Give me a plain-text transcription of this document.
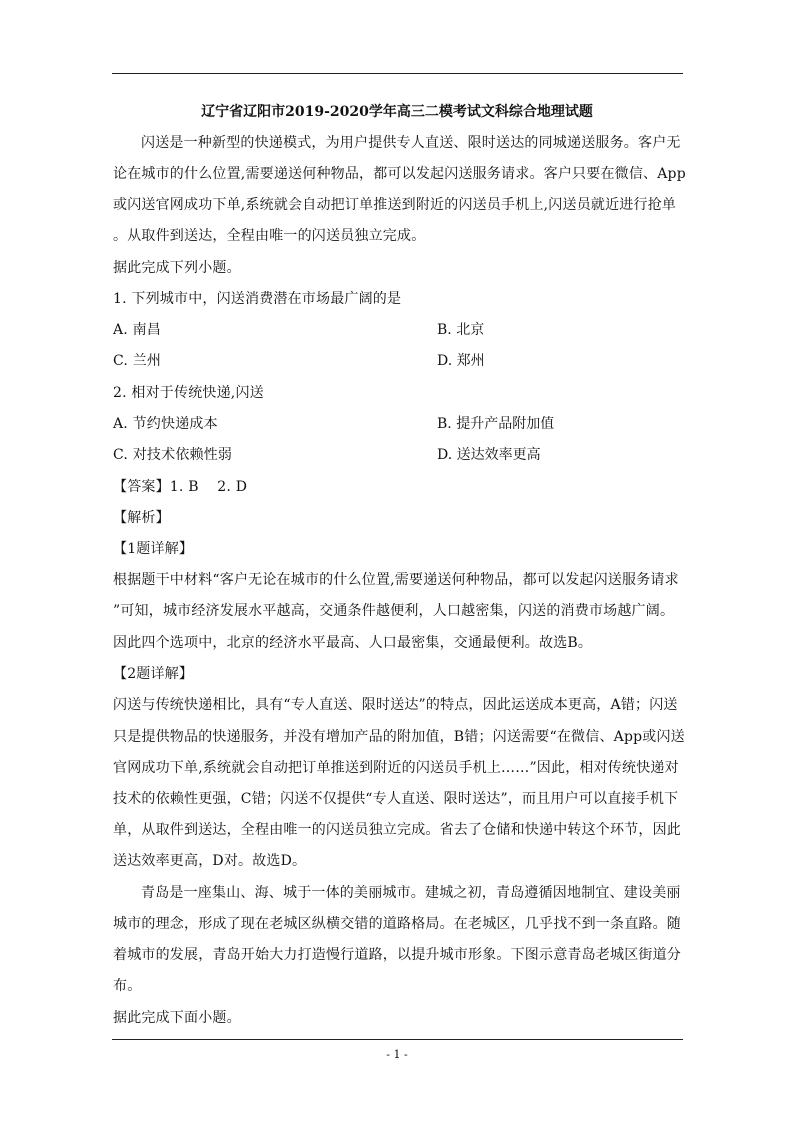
辽宁省辽阳市2019-2020学年高三二模考试文科综合地理试题
闪送是一种新型的快递模式，为用户提供专人直送、限时送达的同城递送服务。客户无
论在城市的什么位置,需要递送何种物品，都可以发起闪送服务请求。客户只要在微信、App
或闪送官网成功下单,系统就会自动把订单推送到附近的闪送员手机上,闪送员就近进行抢单
。从取件到送达，全程由唯一的闪送员独立完成。
据此完成下列小题。
1. 下列城市中，闪送消费潜在市场最广阔的是
A. 南昌	B. 北京
C. 兰州	D. 郑州
2. 相对于传统快递,闪送
A. 节约快递成本	B. 提升产品附加值
C. 对技术依赖性弱	D. 送达效率更高
【答案】1. B    2. D
【解析】
【1题详解】
根据题干中材料“客户无论在城市的什么位置,需要递送何种物品，都可以发起闪送服务请求
”可知，城市经济发展水平越高，交通条件越便利，人口越密集，闪送的消费市场越广阔。
因此四个选项中，北京的经济水平最高、人口最密集，交通最便利。故选B。
【2题详解】
闪送与传统快递相比，具有“专人直送、限时送达”的特点，因此运送成本更高，A错；闪送
只是提供物品的快递服务，并没有增加产品的附加值，B错；闪送需要“在微信、App或闪送
官网成功下单,系统就会自动把订单推送到附近的闪送员手机上……”因此，相对传统快递对
技术的依赖性更强，C错；闪送不仅提供“专人直送、限时送达”，而且用户可以直接手机下
单，从取件到送达，全程由唯一的闪送员独立完成。省去了仓储和快递中转这个环节，因此
送达效率更高，D对。故选D。
青岛是一座集山、海、城于一体的美丽城市。建城之初，青岛遵循因地制宜、建设美丽
城市的理念，形成了现在老城区纵横交错的道路格局。在老城区，几乎找不到一条直路。随
着城市的发展，青岛开始大力打造慢行道路，以提升城市形象。下图示意青岛老城区街道分
布。
据此完成下面小题。
- 1 -
